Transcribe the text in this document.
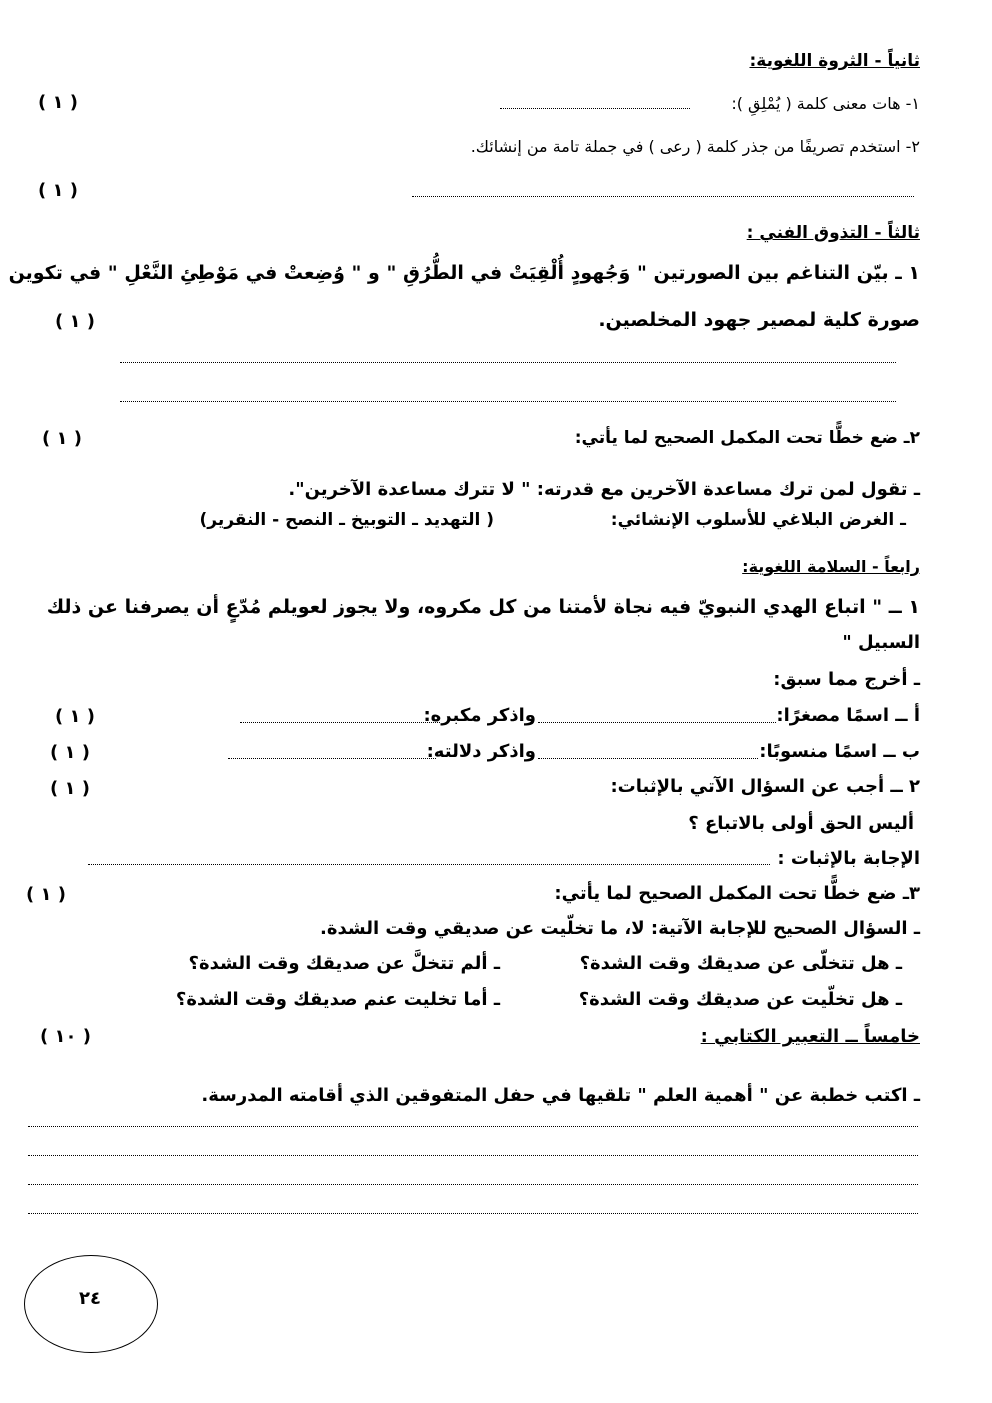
ثانياً - الثروة اللغوية:
١- هات معنى كلمة ( يُمْلِقِ ):
( ١ )
٢- استخدم تصريفًا من جذر كلمة ( رعى ) في جملة تامة من إنشائك.
( ١ )
ثالثاً - التذوق الفني :
١ ـ بيّن التناغم بين الصورتين " وَجُهودٍ أُلْقِيَتْ في الطُّرُقِ " و " وُضِعتْ في مَوْطِئِ النَّعْلِ " في تكوين
صورة كلية لمصير جهود المخلصين.
( ١ )
٢ـ ضع خطًّا تحت المكمل الصحيح لما يأتي:
( ١ )
ـ تقول لمن ترك مساعدة الآخرين مع قدرته: " لا تترك مساعدة الآخرين".
ـ الغرض البلاغي للأسلوب الإنشائي:
( التهديد ـ التوبيخ ـ النصح - النقرير)
رابعاً - السلامة اللغوية:
١ ــ " اتباع الهدي النبويّ فيه نجاة لأمتنا من كل مكروه، ولا يجوز لعويلم مُدّعٍ أن يصرفنا عن ذلك
السبيل "
ـ أخرج مما سبق:
أ ــ اسمًا مصغرًا:
واذكر مكبره:
( ١ )
ب ــ اسمًا منسوبًا:
واذكر دلالته:
( ١ )
٢ ــ أجب عن السؤال الآتي بالإثبات:
( ١ )
أليس الحق أولى بالاتباع ؟
الإجابة بالإثبات :
٣ـ ضع خطًّا تحت المكمل الصحيح لما يأتي:
( ١ )
ـ السؤال الصحيح للإجابة الآتية: لا، ما تخلّيت عن صديقي وقت الشدة.
ـ هل تتخلّى عن صديقك وقت الشدة؟
ـ ألم تتخلَّ عن صديقك وقت الشدة؟
ـ هل تخلّيت عن صديقك وقت الشدة؟
ـ أما تخليت عنم صديقك وقت الشدة؟
خامساً ــ التعبير الكتابي :
( ١٠ )
ـ اكتب خطبة عن " أهمية العلم " تلقيها في حفل المتفوقين الذي أقامته المدرسة.
٢٤
